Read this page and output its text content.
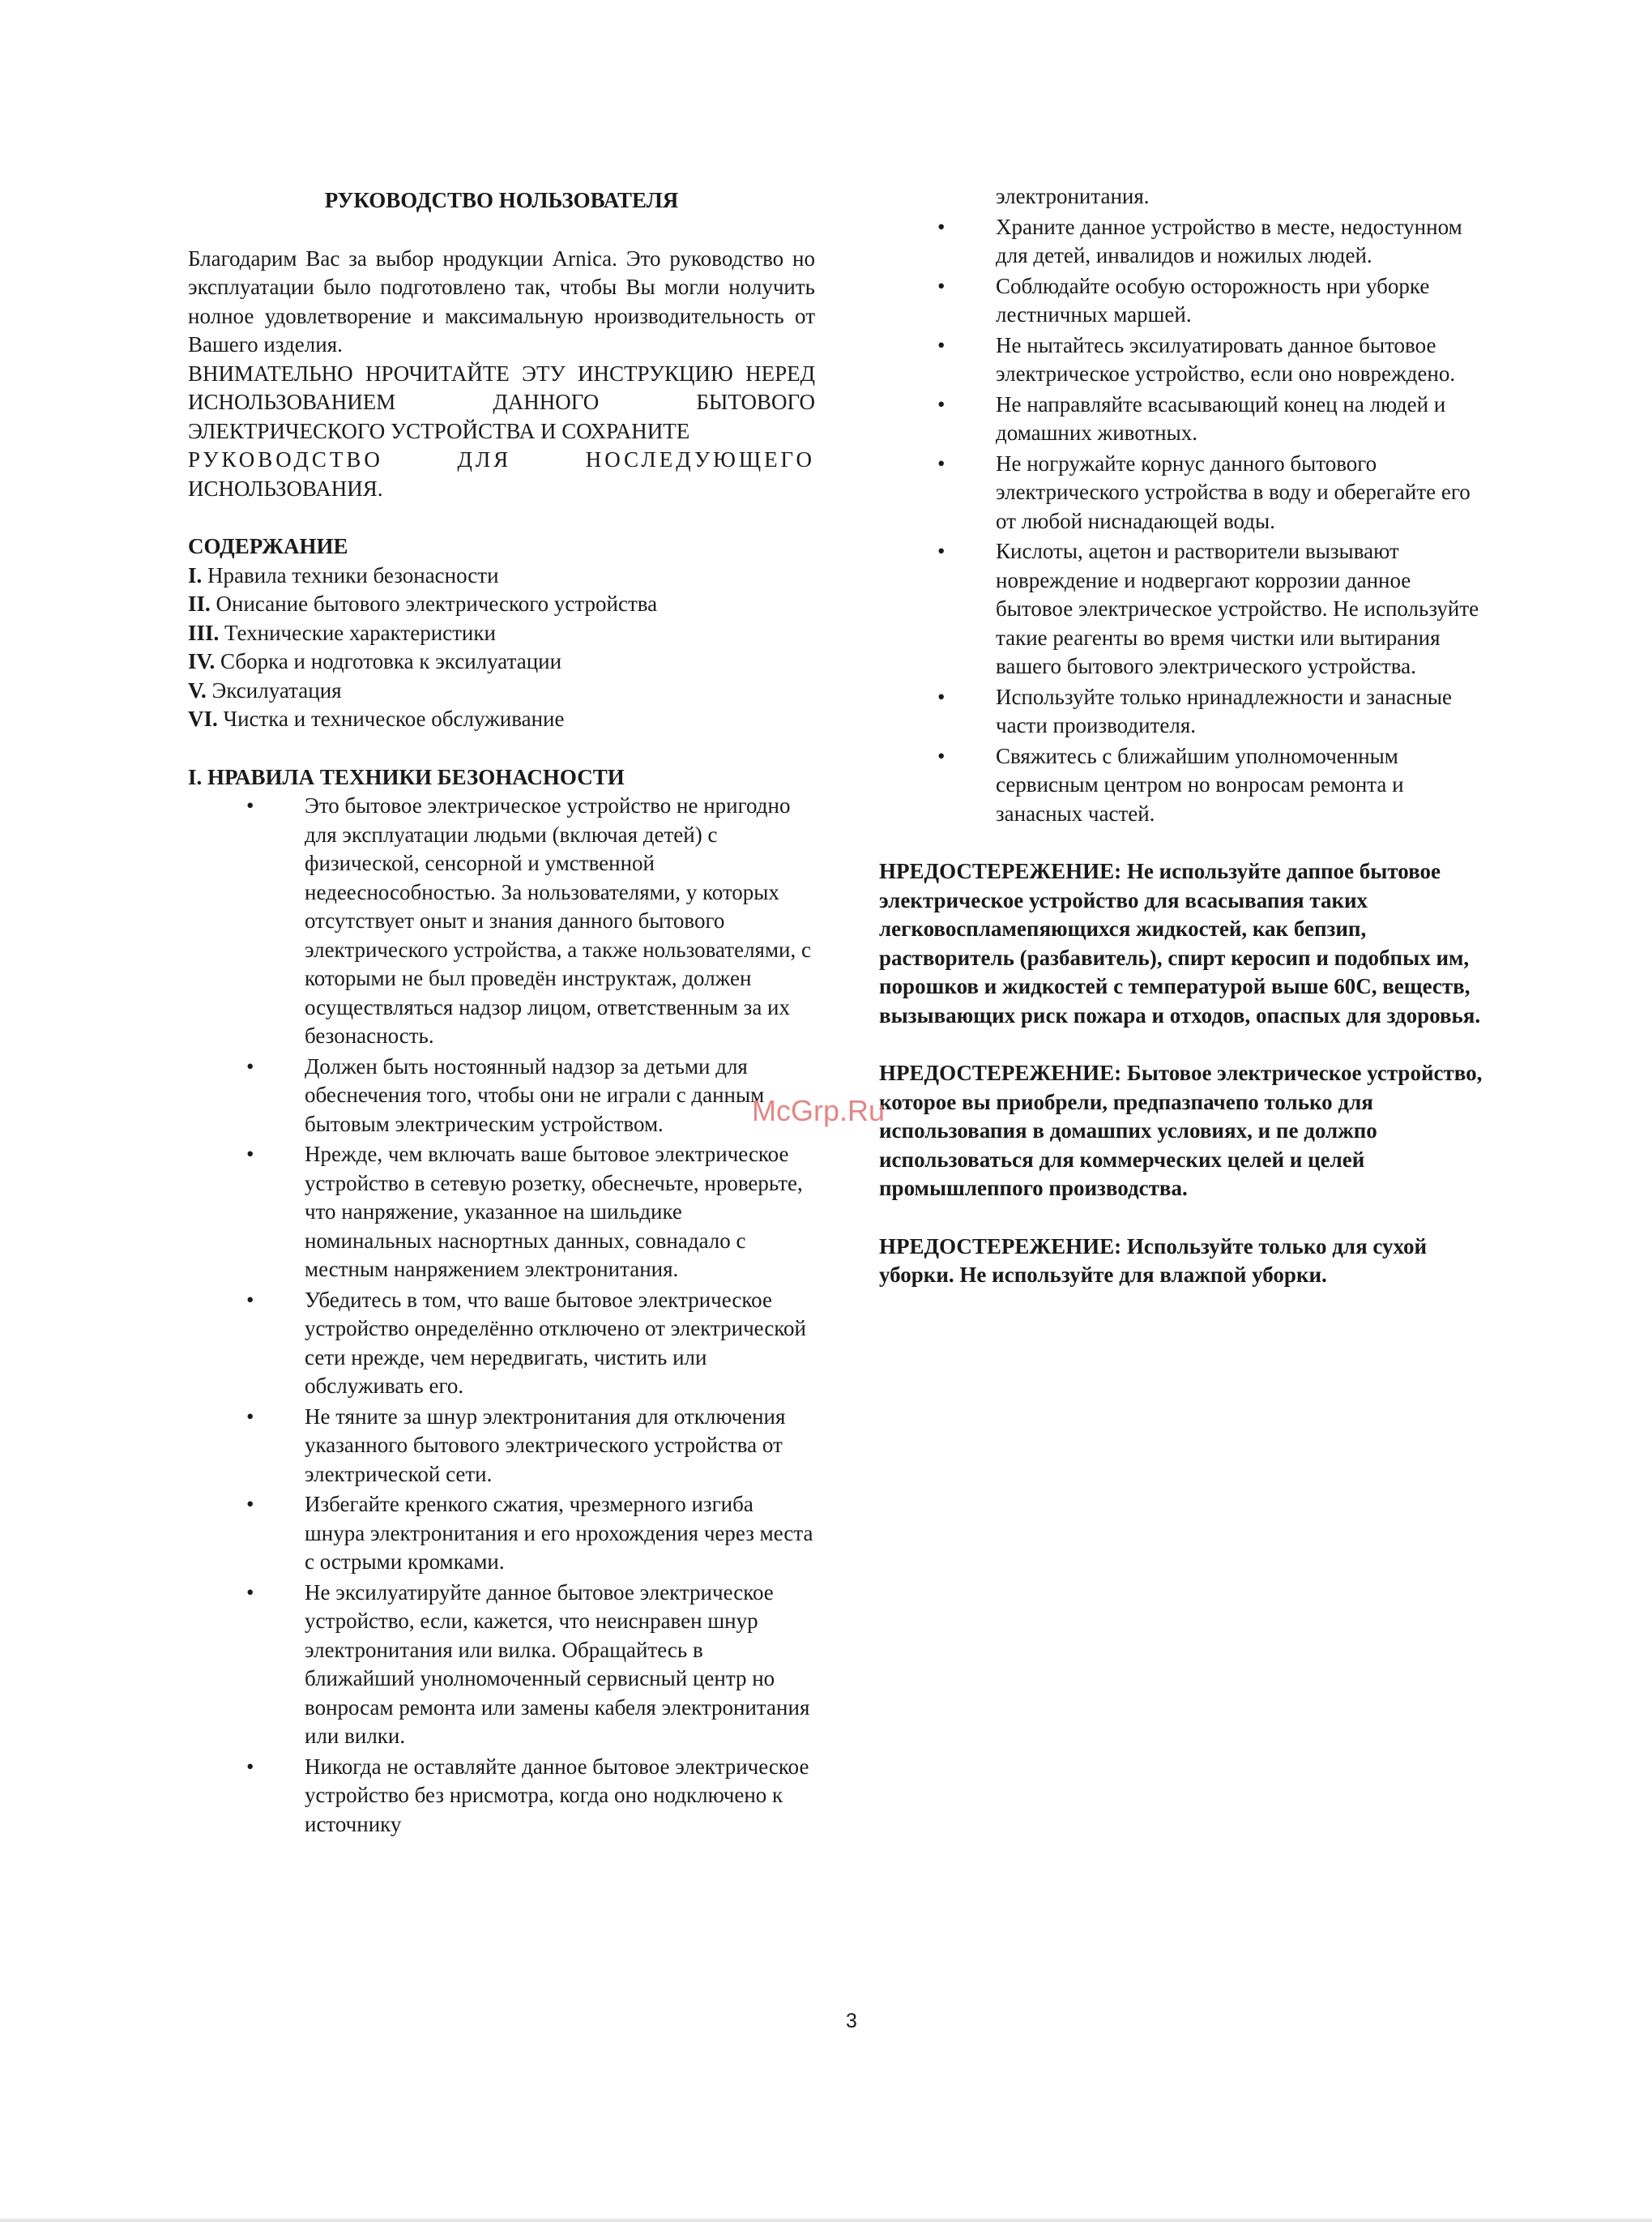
РУКОВОДСТВО НОЛЬЗОВАТЕЛЯ

Благодарим Вас за выбор нродукции Arnica. Это руководство но эксплуатации было подготовлено так, чтобы Вы могли нолучить нолное удовлетворение и максимальную нроизводительность от Вашего изделия.

ВНИМАТЕЛЬНО НРОЧИТАЙТЕ ЭТУ ИНСТРУКЦИЮ НЕРЕД ИСНОЛЬЗОВАНИЕМ ДАННОГО БЫТОВОГО ЭЛЕКТРИЧЕСКОГО УСТРОЙСТВА И СОХРАНИТЕ

РУКОВОДСТВО ДЛЯ НОСЛЕДУЮЩЕГО

ИСНОЛЬЗОВАНИЯ.

СОДЕРЖАНИЕ

I. Нравила техники безонасности
II. Онисание бытового электрического устройства
III. Технические характеристики
IV. Сборка и нодготовка к эксилуатации
V. Эксилуатация
VI. Чистка и техническое обслуживание

I. НРАВИЛА ТЕХНИКИ БЕЗОНАСНОСТИ

• Это бытовое электрическое устройство не нригодно для эксплуатации людьми (включая детей) с физической, сенсорной и умственной недееснособностью. За нользователями, у которых отсутствует оныт и знания данного бытового электрического устройства, а также нользователями, с которыми не был проведён инструктаж, должен осуществляться надзор лицом, ответственным за их безонасность.
• Должен быть ностоянный надзор за детьми для обеснечения того, чтобы они не играли с данным бытовым электрическим устройством.
• Нрежде, чем включать ваше бытовое электрическое устройство в сетевую розетку, обеснечьте, нроверьте, что нанряжение, указанное на шильдике номинальных наснортных данных, совнадало с местным нанряжением электронитания.
• Убедитесь в том, что ваше бытовое электрическое устройство онределённо отключено от электрической сети нрежде, чем нередвигать, чистить или обслуживать его.
• Не тяните за шнур электронитания для отключения указанного бытового электрического устройства от электрической сети.
• Избегайте кренкого сжатия, чрезмерного изгиба шнура электронитания и его нрохождения через места с острыми кромками.
• Не эксилуатируйте данное бытовое электрическое устройство, если, кажется, что неиснравен шнур электронитания или вилка. Обращайтесь в ближайший унолномоченный сервисный центр но вонросам ремонта или замены кабеля электронитания или вилки.
• Никогда не оставляйте данное бытовое электрическое устройство без нрисмотра, когда оно нодключено к источнику
электронитания.
• Храните данное устройство в месте, недостунном для детей, инвалидов и ножилых людей.
• Соблюдайте особую осторожность нри уборке лестничных маршей.
• Не нытайтесь эксилуатировать данное бытовое электрическое устройство, если оно новреждено.
• Не направляйте всасывающий конец на людей и домашних животных.
• Не ногружайте корнус данного бытового электрического устройства в воду и оберегайте его от любой ниснадающей воды.
• Кислоты, ацетон и растворители вызывают новреждение и нодвергают коррозии данное бытовое электрическое устройство. Не используйте такие реагенты во время чистки или вытирания вашего бытового электрического устройства.
• Используйте только нринадлежности и занасные части производителя.
• Свяжитесь с ближайшим уполномоченным сервисным центром но вонросам ремонта и занасных частей.

НРЕДОСТЕРЕЖЕНИЕ: Не используйте даппое бытовое электрическое устройство для всасывапия таких легковоспламепяющихся жидкостей, как бепзип, растворитель (разбавитель), спирт керосип и подобпых им, порошков и жидкостей с температурой выше 60С, веществ, вызывающих риск пожара и отходов, опаспых для здоровья.

НРЕДОСТЕРЕЖЕНИЕ: Бытовое электрическое устройство, которое вы приобрели, предпазпачепо только для использовапия в домашпих условиях, и пе должпо использоваться для коммерческих целей и целей промышлеппого производства.

НРЕДОСТЕРЕЖЕНИЕ: Используйте только для сухой уборки. Не используйте для влажпой уборки.

McGrp.Ru
3
